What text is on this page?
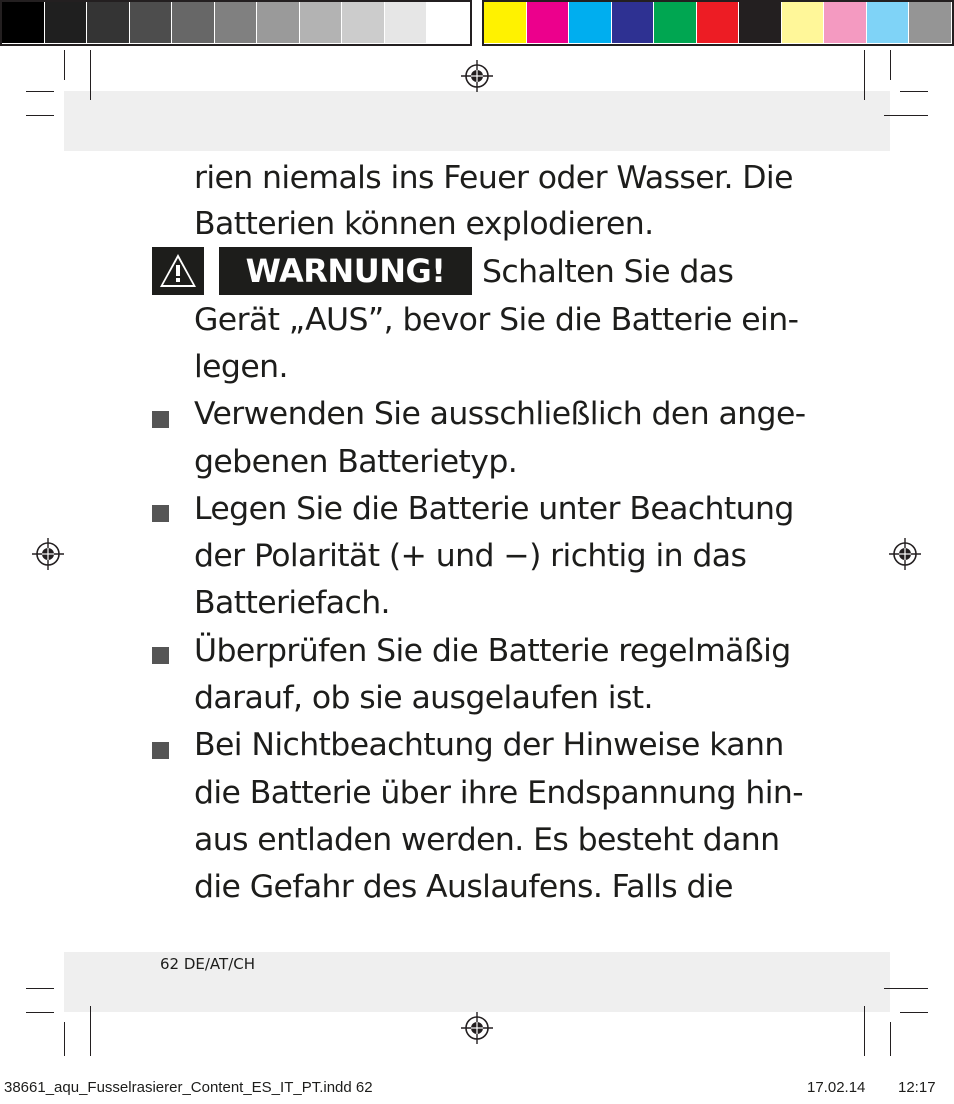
rien niemals ins Feuer oder Wasser. Die
Batterien können explodieren.
WARNUNG!	Schalten Sie das
Gerät „AUS”, bevor Sie die Batterie ein-
legen.
Verwenden Sie ausschließlich den ange-
gebenen Batterietyp.
Legen Sie die Batterie unter Beachtung
der Polarität (+ und −) richtig in das
Batteriefach.
Überprüfen Sie die Batterie regelmäßig
darauf, ob sie ausgelaufen ist.
Bei Nichtbeachtung der Hinweise kann
die Batterie über ihre Endspannung hin-
aus entladen werden. Es besteht dann
die Gefahr des Auslaufens. Falls die
62 DE/AT/CH
38661_aqu_Fusselrasierer_Content_ES_IT_PT.indd 62	17.02.14 12:17
